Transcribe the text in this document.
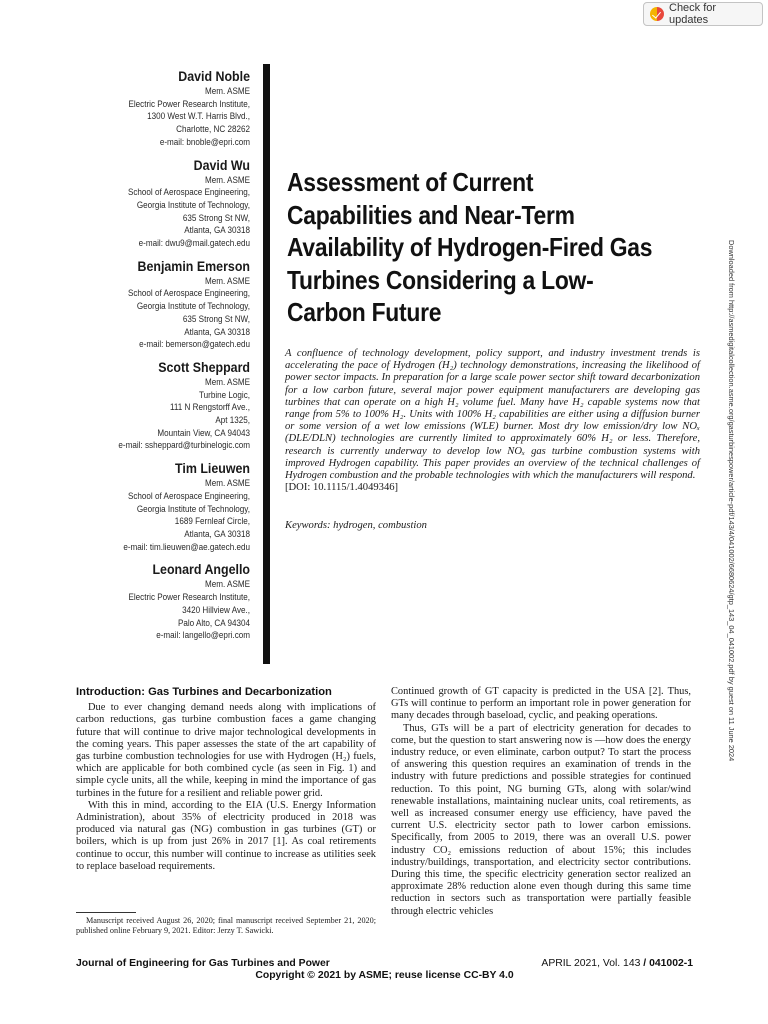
Check for updates
David Noble
Mem. ASME
Electric Power Research Institute,
1300 West W.T. Harris Blvd.,
Charlotte, NC 28262
e-mail: bnoble@epri.com
David Wu
Mem. ASME
School of Aerospace Engineering,
Georgia Institute of Technology,
635 Strong St NW,
Atlanta, GA 30318
e-mail: dwu9@mail.gatech.edu
Benjamin Emerson
Mem. ASME
School of Aerospace Engineering,
Georgia Institute of Technology,
635 Strong St NW,
Atlanta, GA 30318
e-mail: bemerson@gatech.edu
Scott Sheppard
Mem. ASME
Turbine Logic,
111 N Rengstorff Ave.,
Apt 1325,
Mountain View, CA 94043
e-mail: ssheppard@turbinelogic.com
Tim Lieuwen
Mem. ASME
School of Aerospace Engineering,
Georgia Institute of Technology,
1689 Fernleaf Circle,
Atlanta, GA 30318
e-mail: tim.lieuwen@ae.gatech.edu
Leonard Angello
Mem. ASME
Electric Power Research Institute,
3420 Hillview Ave.,
Palo Alto, CA 94304
e-mail: langello@epri.com
Assessment of Current Capabilities and Near-Term Availability of Hydrogen-Fired Gas Turbines Considering a Low-Carbon Future
A confluence of technology development, policy support, and industry investment trends is accelerating the pace of Hydrogen (H₂) technology demonstrations, increasing the likelihood of power sector impacts. In preparation for a large scale power sector shift toward decarbonization for a low carbon future, several major power equipment manufacturers are developing gas turbines that can operate on a high H₂ volume fuel. Many have H₂ capable systems now that range from 5% to 100% H₂. Units with 100% H₂ capabilities are either using a diffusion burner or some version of a wet low emissions (WLE) burner. Most dry low emission/dry low NOₓ (DLE/DLN) technologies are currently limited to approximately 60% H₂ or less. Therefore, research is currently underway to develop low NOₓ gas turbine combustion systems with improved Hydrogen capability. This paper provides an overview of the technical challenges of Hydrogen combustion and the probable technologies with which the manufacturers will respond.
[DOI: 10.1115/1.4049346]
Keywords: hydrogen, combustion	Downloaded from http://asmedigitalcollection.asme.org/gasturbinespower/article-pdf/143/4/041002/6680624/gtp_143_04_041002.pdf by guest on 11 June 2024
Introduction: Gas Turbines and Decarbonization

Due to ever changing demand needs along with implications of carbon reductions, gas turbine combustion faces a game changing future that will continue to drive major technological developments in the coming years. This paper assesses the state of the art capability of gas turbine combustion technologies for use with Hydrogen (H₂) fuels, which are applicable for both combined cycle (as seen in Fig. 1) and simple cycle units, all the while, keeping in mind the importance of gas turbines in the future for a resilient and reliable power grid.

With this in mind, according to the EIA (U.S. Energy Information Administration), about 35% of electricity produced in 2018 was produced via natural gas (NG) combustion in gas turbines (GT) or boilers, which is up from just 26% in 2017 [1]. As coal retirements continue to occur, this number will continue to increase as utilities seek to replace baseload requirements.

Continued growth of GT capacity is predicted in the USA [2]. Thus, GTs will continue to perform an important role in power generation for many decades through baseload, cyclic, and peaking operations.

Thus, GTs will be a part of electricity generation for decades to come, but the question to start answering now is —how does the energy industry reduce, or even eliminate, carbon output? To start the process of answering this question requires an examination of trends in the industry with future predictions and possible strategies for continued reduction. To this point, NG burning GTs, along with solar/wind renewable installations, maintaining nuclear units, coal retirements, as well as increased consumer energy use efficiency, have paved the current U.S. electricity sector path to lower carbon emissions. Specifically, from 2005 to 2019, there was an overall U.S. power industry CO₂ emissions reduction of about 15%; this includes industry/buildings, transportation, and electricity sector contributions. During this time, the specific electricity generation sector realized an approximate 28% reduction alone even though during this same time reduction in sectors such as transportation were partially feasible through electric vehicles

Manuscript received August 26, 2020; final manuscript received September 21, 2020; published online February 9, 2021. Editor: Jerzy T. Sawicki.
Journal of Engineering for Gas Turbines and Power	APRIL 2021, Vol. 143 / 041002-1
Copyright © 2021 by ASME; reuse license CC-BY 4.0
